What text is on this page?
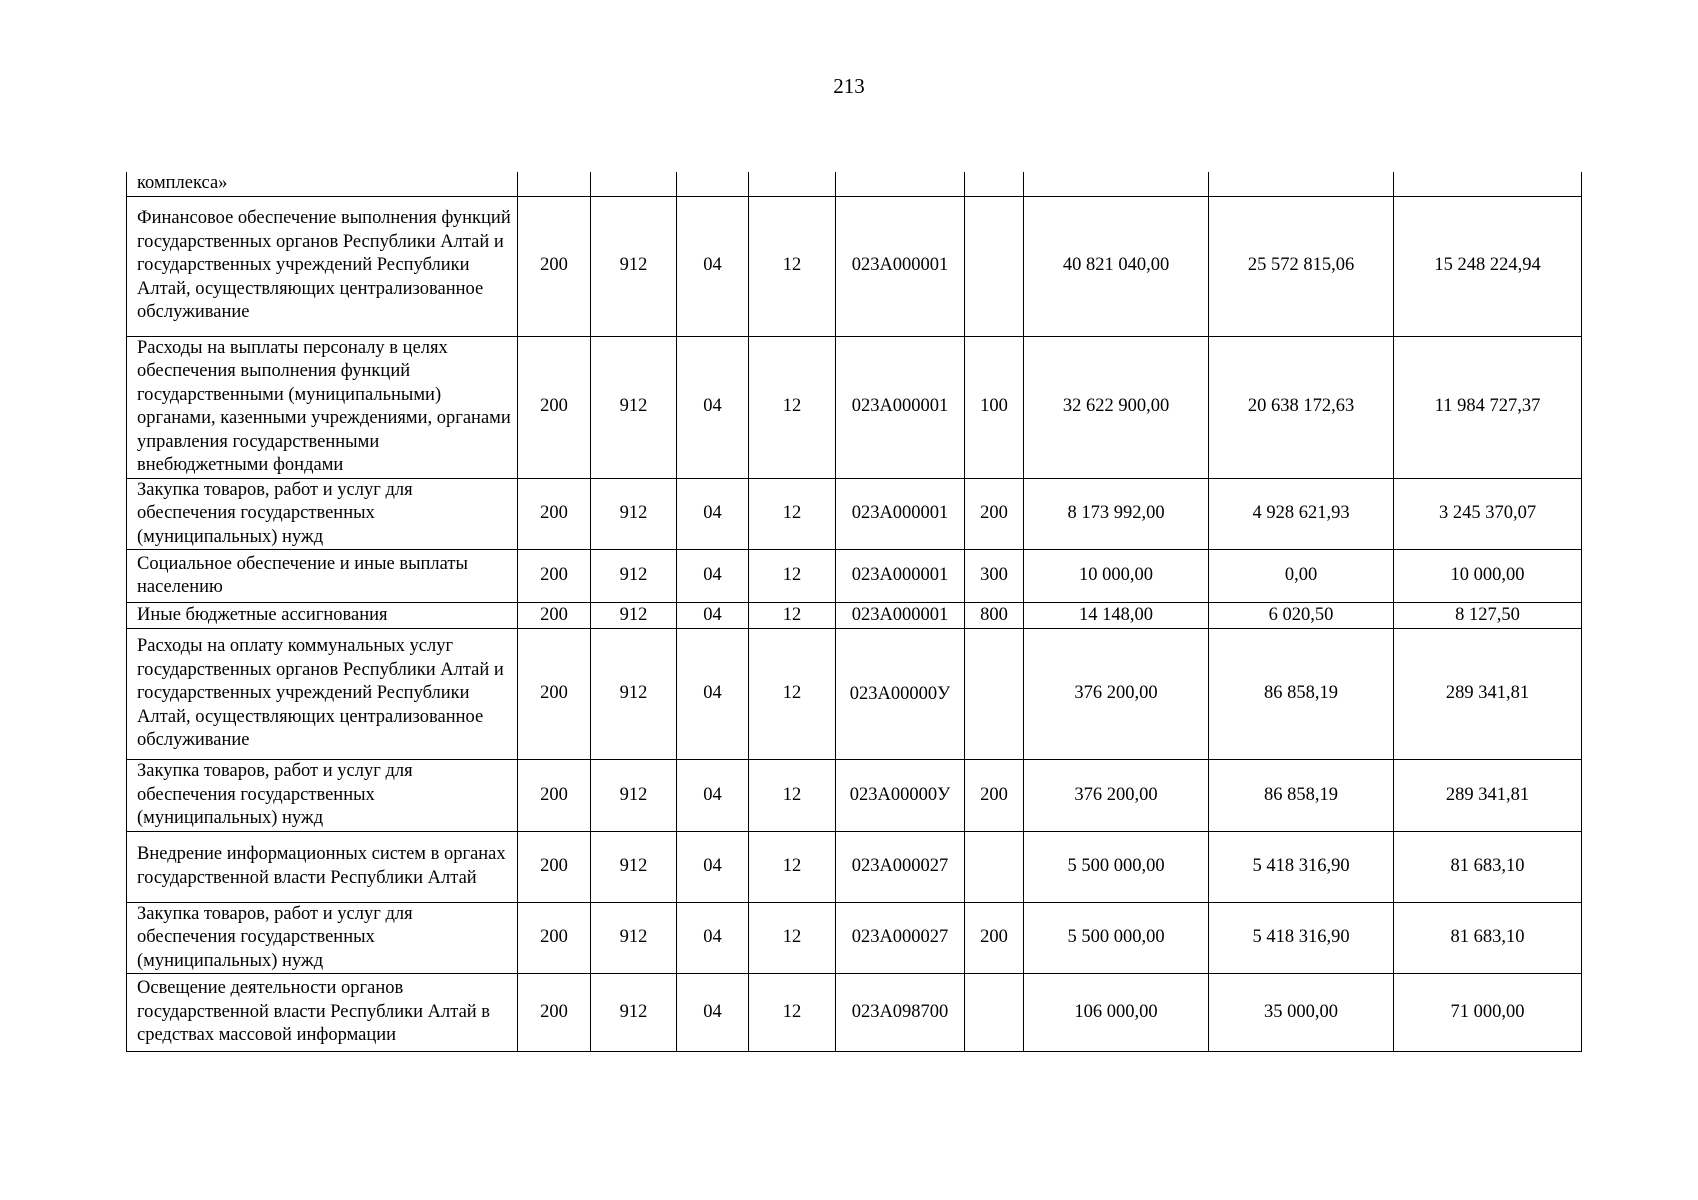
213
комплекса»									
Финансовое обеспечение выполнения функций государственных органов Республики Алтай и государственных учреждений Республики Алтай, осуществляющих централизованное обслуживание	200	912	04	12	023А000001		40 821 040,00	25 572 815,06	15 248 224,94
Расходы на выплаты персоналу в целях обеспечения выполнения функций государственными (муниципальными) органами, казенными учреждениями, органами управления государственными внебюджетными фондами	200	912	04	12	023А000001	100	32 622 900,00	20 638 172,63	11 984 727,37
Закупка товаров, работ и услуг для обеспечения государственных (муниципальных) нужд	200	912	04	12	023А000001	200	8 173 992,00	4 928 621,93	3 245 370,07
Социальное обеспечение и иные выплаты населению	200	912	04	12	023А000001	300	10 000,00	0,00	10 000,00
Иные бюджетные ассигнования	200	912	04	12	023А000001	800	14 148,00	6 020,50	8 127,50
Расходы на оплату коммунальных услуг государственных органов Республики Алтай и государственных учреждений Республики Алтай, осуществляющих централизованное обслуживание	200	912	04	12	023А00000У		376 200,00	86 858,19	289 341,81
Закупка товаров, работ и услуг для обеспечения государственных (муниципальных) нужд	200	912	04	12	023А00000У	200	376 200,00	86 858,19	289 341,81
Внедрение информационных систем в органах государственной власти Республики Алтай	200	912	04	12	023А000027		5 500 000,00	5 418 316,90	81 683,10
Закупка товаров, работ и услуг для обеспечения государственных (муниципальных) нужд	200	912	04	12	023А000027	200	5 500 000,00	5 418 316,90	81 683,10
Освещение деятельности органов государственной власти Республики Алтай в средствах массовой информации	200	912	04	12	023А098700		106 000,00	35 000,00	71 000,00
